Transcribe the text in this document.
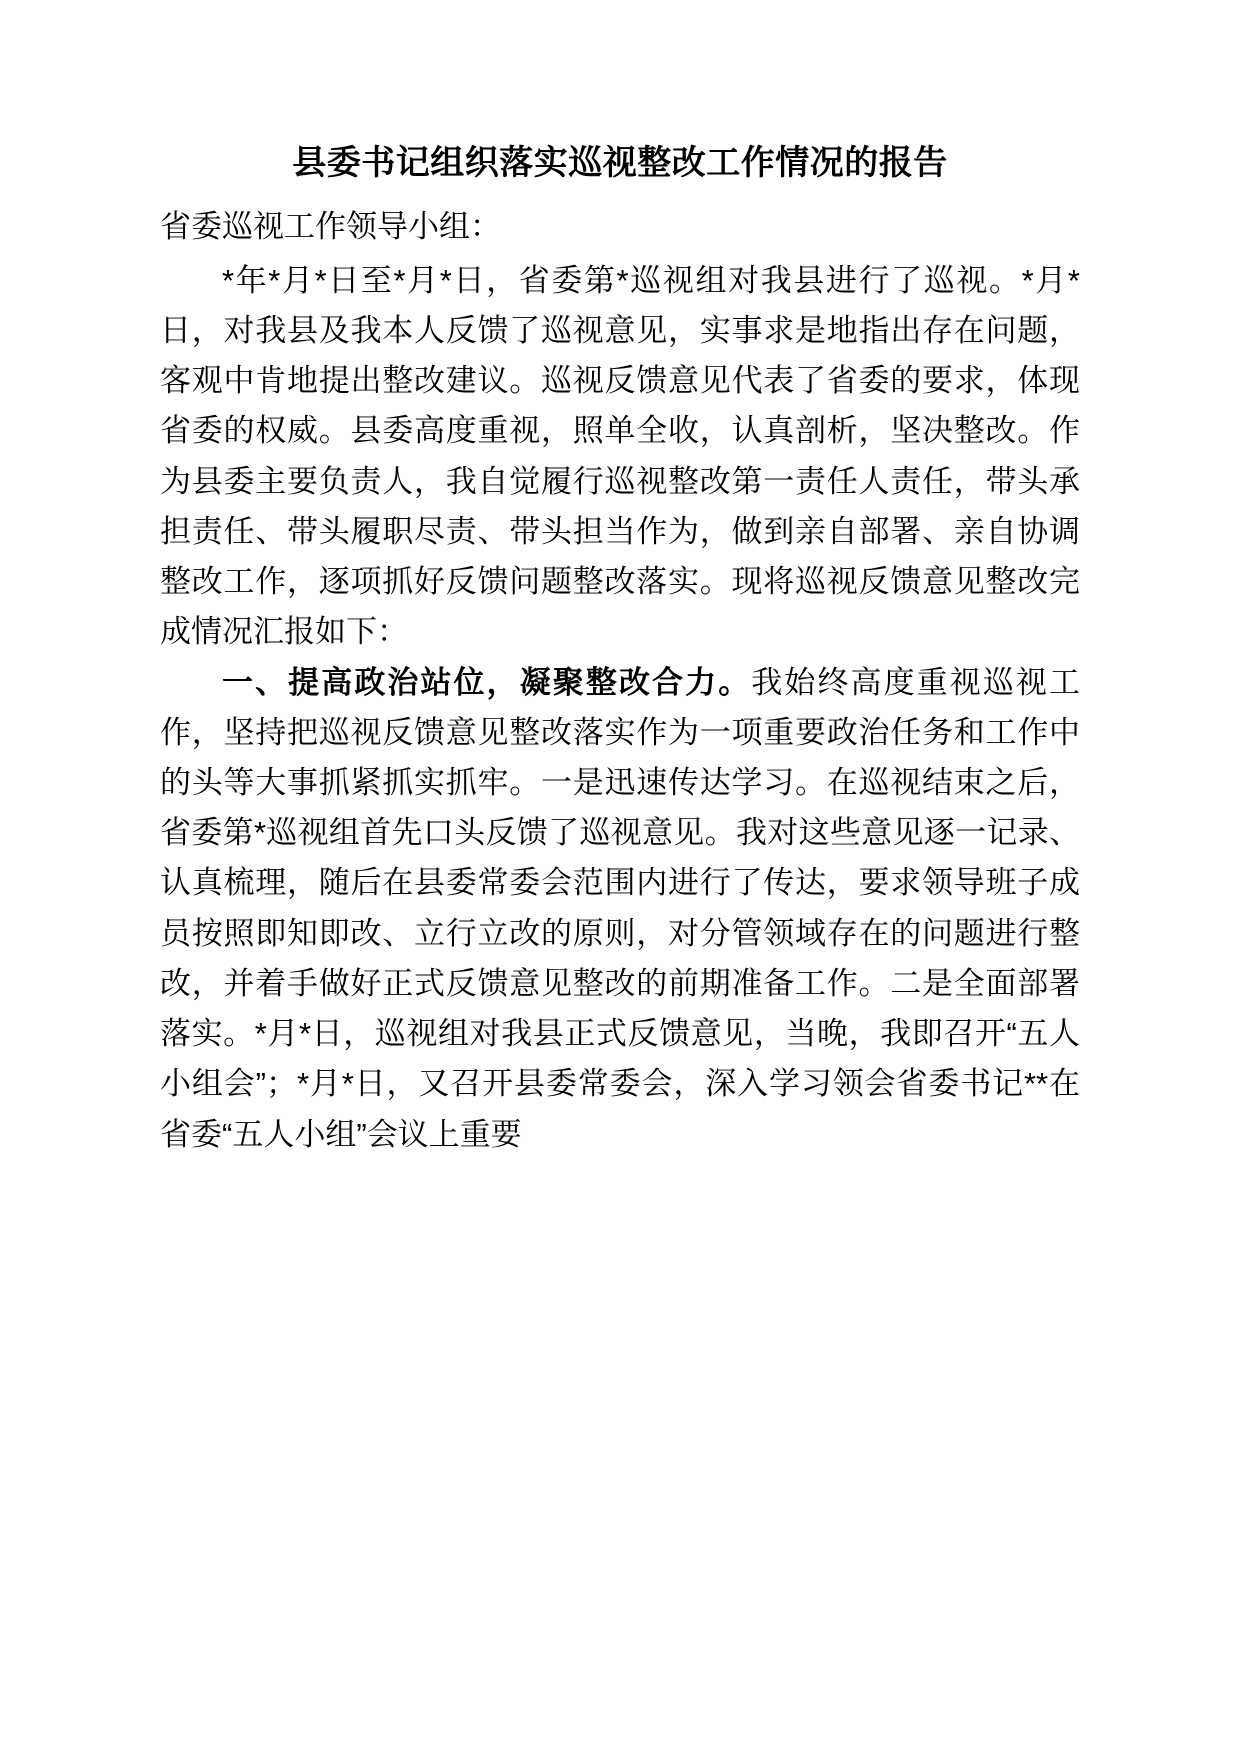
县委书记组织落实巡视整改工作情况的报告
省委巡视工作领导小组：

*年*月*日至*月*日，省委第*巡视组对我县进行了巡视。*月*日，对我县及我本人反馈了巡视意见，实事求是地指出存在问题，客观中肯地提出整改建议。巡视反馈意见代表了省委的要求，体现省委的权威。县委高度重视，照单全收，认真剖析，坚决整改。作为县委主要负责人，我自觉履行巡视整改第一责任人责任，带头承担责任、带头履职尽责、带头担当作为，做到亲自部署、亲自协调整改工作，逐项抓好反馈问题整改落实。现将巡视反馈意见整改完成情况汇报如下：

一、提高政治站位，凝聚整改合力。我始终高度重视巡视工作，坚持把巡视反馈意见整改落实作为一项重要政治任务和工作中的头等大事抓紧抓实抓牢。一是迅速传达学习。在巡视结束之后，省委第*巡视组首先口头反馈了巡视意见。我对这些意见逐一记录、认真梳理，随后在县委常委会范围内进行了传达，要求领导班子成员按照即知即改、立行立改的原则，对分管领域存在的问题进行整改，并着手做好正式反馈意见整改的前期准备工作。二是全面部署落实。*月*日，巡视组对我县正式反馈意见，当晚，我即召开“五人小组会”；*月*日，又召开县委常委会，深入学习领会省委书记**在省委“五人小组”会议上重要
